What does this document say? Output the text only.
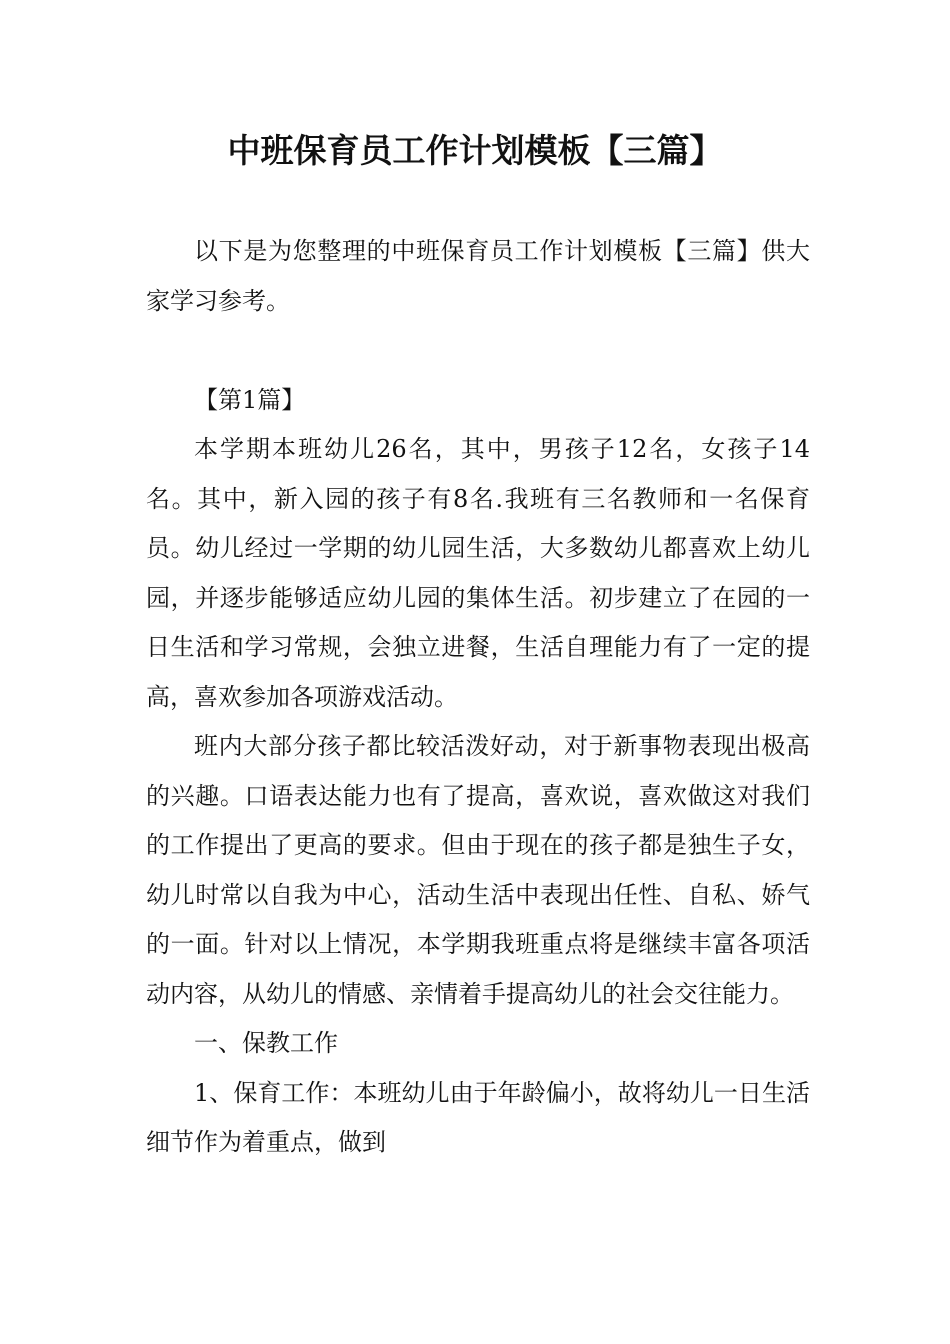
中班保育员工作计划模板【三篇】

以下是为您整理的中班保育员工作计划模板【三篇】供大家学习参考。

【第1篇】

本学期本班幼儿26名，其中，男孩子12名，女孩子14名。其中，新入园的孩子有8名.我班有三名教师和一名保育员。幼儿经过一学期的幼儿园生活，大多数幼儿都喜欢上幼儿园，并逐步能够适应幼儿园的集体生活。初步建立了在园的一日生活和学习常规，会独立进餐，生活自理能力有了一定的提高，喜欢参加各项游戏活动。

班内大部分孩子都比较活泼好动，对于新事物表现出极高的兴趣。口语表达能力也有了提高，喜欢说，喜欢做这对我们的工作提出了更高的要求。但由于现在的孩子都是独生子女，幼儿时常以自我为中心，活动生活中表现出任性、自私、娇气的一面。针对以上情况，本学期我班重点将是继续丰富各项活动内容，从幼儿的情感、亲情着手提高幼儿的社会交往能力。

一、保教工作

1、保育工作：本班幼儿由于年龄偏小，故将幼儿一日生活细节作为着重点，做到
